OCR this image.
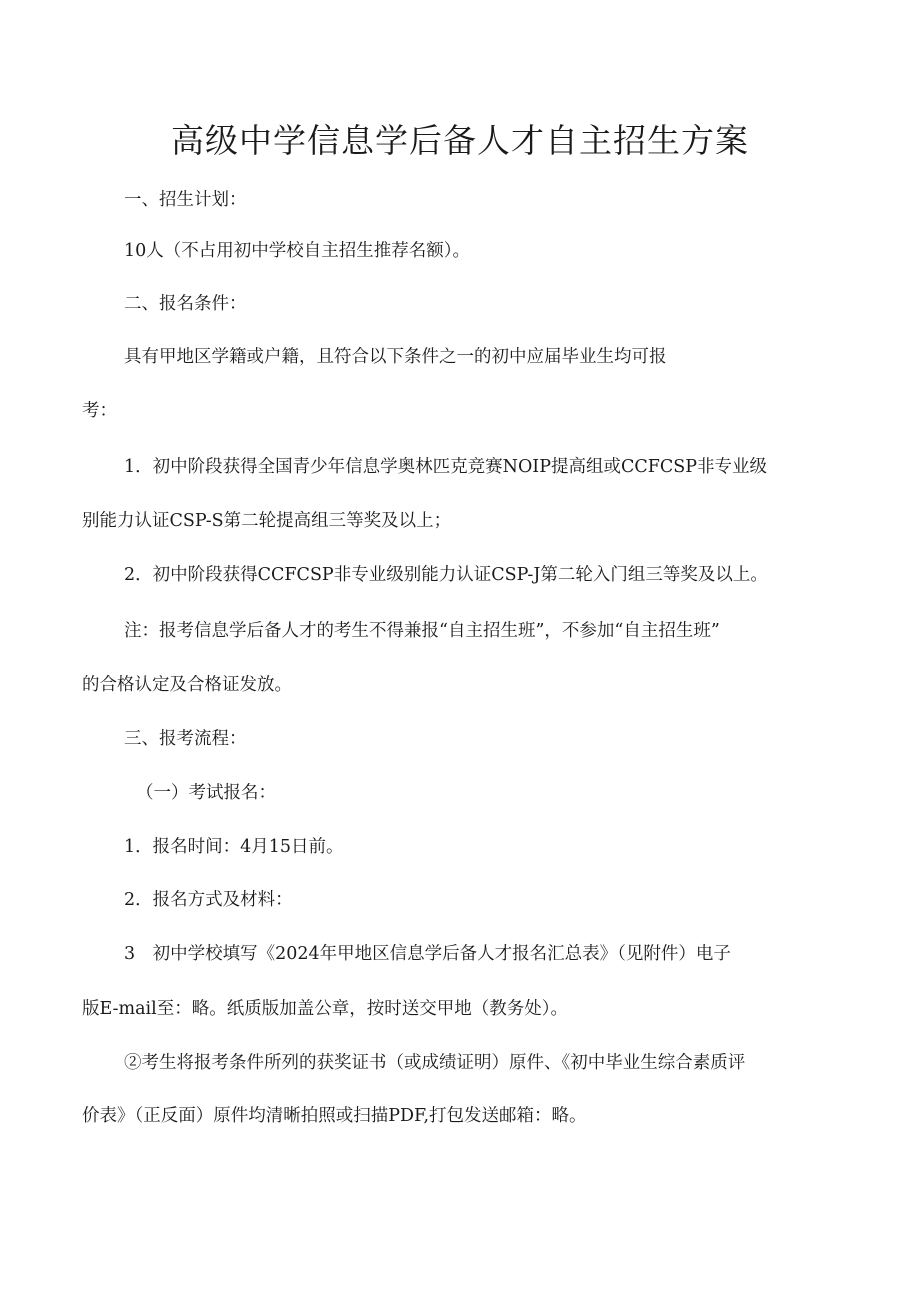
高级中学信息学后备人才自主招生方案

一、招生计划：

10人（不占用初中学校自主招生推荐名额）。

二、报名条件：

具有甲地区学籍或户籍，且符合以下条件之一的初中应届毕业生均可报

考：

1．初中阶段获得全国青少年信息学奥林匹克竞赛NOIP提高组或CCFCSP非专业级

别能力认证CSP-S第二轮提高组三等奖及以上；

2．初中阶段获得CCFCSP非专业级别能力认证CSP-J第二轮入门组三等奖及以上。

注：报考信息学后备人才的考生不得兼报“自主招生班”，不参加“自主招生班”

的合格认定及合格证发放。

三、报考流程：

（一）考试报名：

1．报名时间：4月15日前。

2．报名方式及材料：

3　初中学校填写《2024年甲地区信息学后备人才报名汇总表》（见附件）电子

版E-mail至：略。纸质版加盖公章，按时送交甲地（教务处）。

②考生将报考条件所列的获奖证书（或成绩证明）原件、《初中毕业生综合素质评

价表》（正反面）原件均清晰拍照或扫描PDF,打包发送邮箱：略。
